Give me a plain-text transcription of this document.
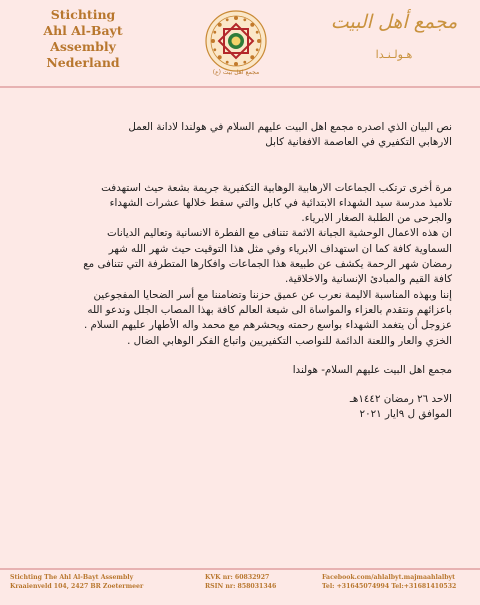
Stichting
Ahl Al-Bayt Assembly
Nederland
مجمع اهل بيت (ع)
مجمع أهل البيت
هـولـنـدا

نص البيان الذي اصدره مجمع اهل البيت عليهم السلام في هولندا لادانة العمل

الارهابي التكفيري في العاصمة الافغانية كابل

مرة أخرى ترتكب الجماعات الارهابية الوهابية التكفيرية جريمة بشعة حيث استهدفت

تلاميذ مدرسة سيد الشهداء الابتدائية في كابل والتي سقط خلالها عشرات الشهداء

والجرحى من الطلبة الصغار الابرياء.

ان هذه الاعمال الوحشية الجبانة الاثمة تتنافى مع الفطرة الانسانية وتعاليم الديانات

السماوية كافة كما ان استهداف الابرياء وفي مثل هذا التوقيت حيث شهر الله شهر

رمضان شهر الرحمة يكشف عن طبيعة هذا الجماعات وافكارها المتطرفة التي تتنافى مع

كافة القيم والمبادئ الإنسانية والاخلاقية.

إننا وبهذه المناسبة الاليمة نعرب عن عميق حزننا وتضامننا مع أسر الضحايا المفجوعين

باعزائهم ونتقدم بالعزاء والمواساة الى شيعة العالم كافة بهذا المصاب الجلل وندعو الله

عزوجل أن يتغمد الشهداء بواسع رحمته ويحشرهم مع محمد واله الأطهار عليهم السلام .

الخزي والعار واللعنة الدائمة للنواصب التكفيريين واتباع الفكر الوهابي الضال .

مجمع اهل البيت عليهم السلام- هولندا

الاحد ٢٦ رمضان ١٤٤٢هـ

الموافق ل ٩ايار ٢٠٢١

Stichting The Ahl Al-Bayt Assembly
Kraaienveld 104, 2427 BR Zoetermeer
KVK nr: 60832927
RSIN nr: 858031346
Facebook.com/ahlalbyt.majmaahlalbyt
Tel: +31645074994 Tel:+31681410532
